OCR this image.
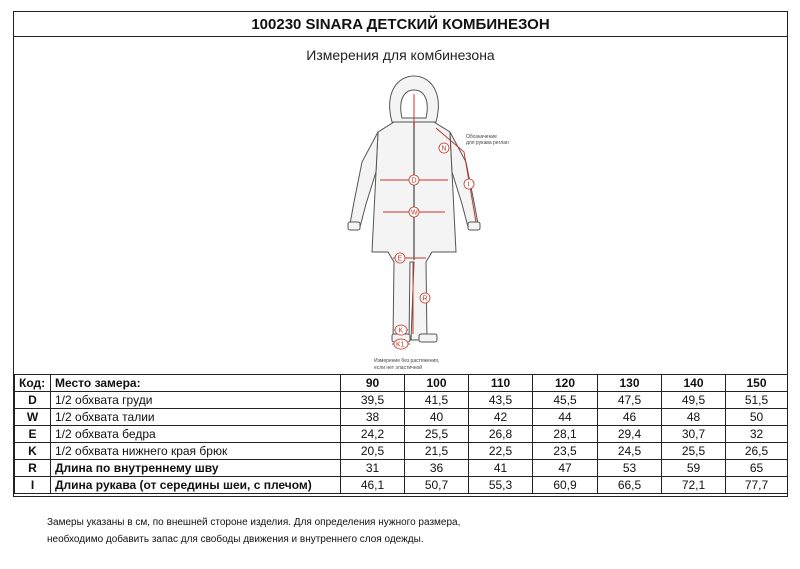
100230 SINARA ДЕТСКИЙ КОМБИНЕЗОН
Измерения для комбинезона
N
D
I
W
E
R
K
K1
Обозначение
для рукава реглан
Измерение без растяжения,
если нет эластичной
Код:	Место замера:	90	100	110	120	130	140	150
D	1/2 обхвата груди	39,5	41,5	43,5	45,5	47,5	49,5	51,5
W	1/2 обхвата талии	38	40	42	44	46	48	50
E	1/2 обхвата бедра	24,2	25,5	26,8	28,1	29,4	30,7	32
K	1/2 обхвата нижнего края брюк	20,5	21,5	22,5	23,5	24,5	25,5	26,5
R	Длина по внутреннему шву	31	36	41	47	53	59	65
I	Длина рукава (от середины шеи, с плечом)	46,1	50,7	55,3	60,9	66,5	72,1	77,7
Замеры указаны в см, по внешней стороне изделия. Для определения нужного размера,
необходимо добавить запас для свободы движения и внутреннего слоя одежды.
